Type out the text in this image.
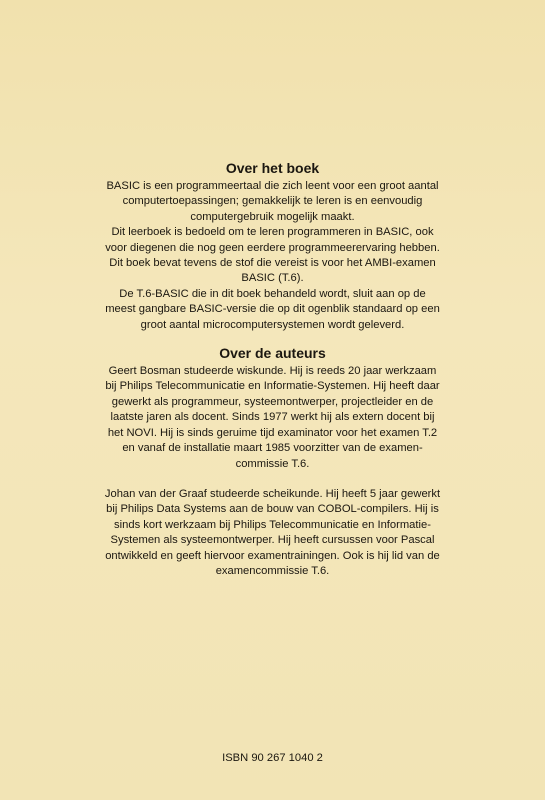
Over het boek

BASIC is een programmeertaal die zich leent voor een groot aantal

computertoepassingen; gemakkelijk te leren is en eenvoudig

computergebruik mogelijk maakt.

Dit leerboek is bedoeld om te leren programmeren in BASIC, ook

voor diegenen die nog geen eerdere programmeerervaring hebben.

Dit boek bevat tevens de stof die vereist is voor het AMBI-examen

BASIC (T.6).

De T.6-BASIC die in dit boek behandeld wordt, sluit aan op de

meest gangbare BASIC-versie die op dit ogenblik standaard op een

groot aantal microcomputersystemen wordt geleverd.

Over de auteurs

Geert Bosman studeerde wiskunde. Hij is reeds 20 jaar werkzaam

bij Philips Telecommunicatie en Informatie-Systemen. Hij heeft daar

gewerkt als programmeur, systeemontwerper, projectleider en de

laatste jaren als docent. Sinds 1977 werkt hij als extern docent bij

het NOVI. Hij is sinds geruime tijd examinator voor het examen T.2

en vanaf de installatie maart 1985 voorzitter van de examen-

commissie T.6.

Johan van der Graaf studeerde scheikunde. Hij heeft 5 jaar gewerkt

bij Philips Data Systems aan de bouw van COBOL-compilers. Hij is

sinds kort werkzaam bij Philips Telecommunicatie en Informatie-

Systemen als systeemontwerper. Hij heeft cursussen voor Pascal

ontwikkeld en geeft hiervoor examentrainingen. Ook is hij lid van de

examencommissie T.6.

ISBN 90 267 1040 2
